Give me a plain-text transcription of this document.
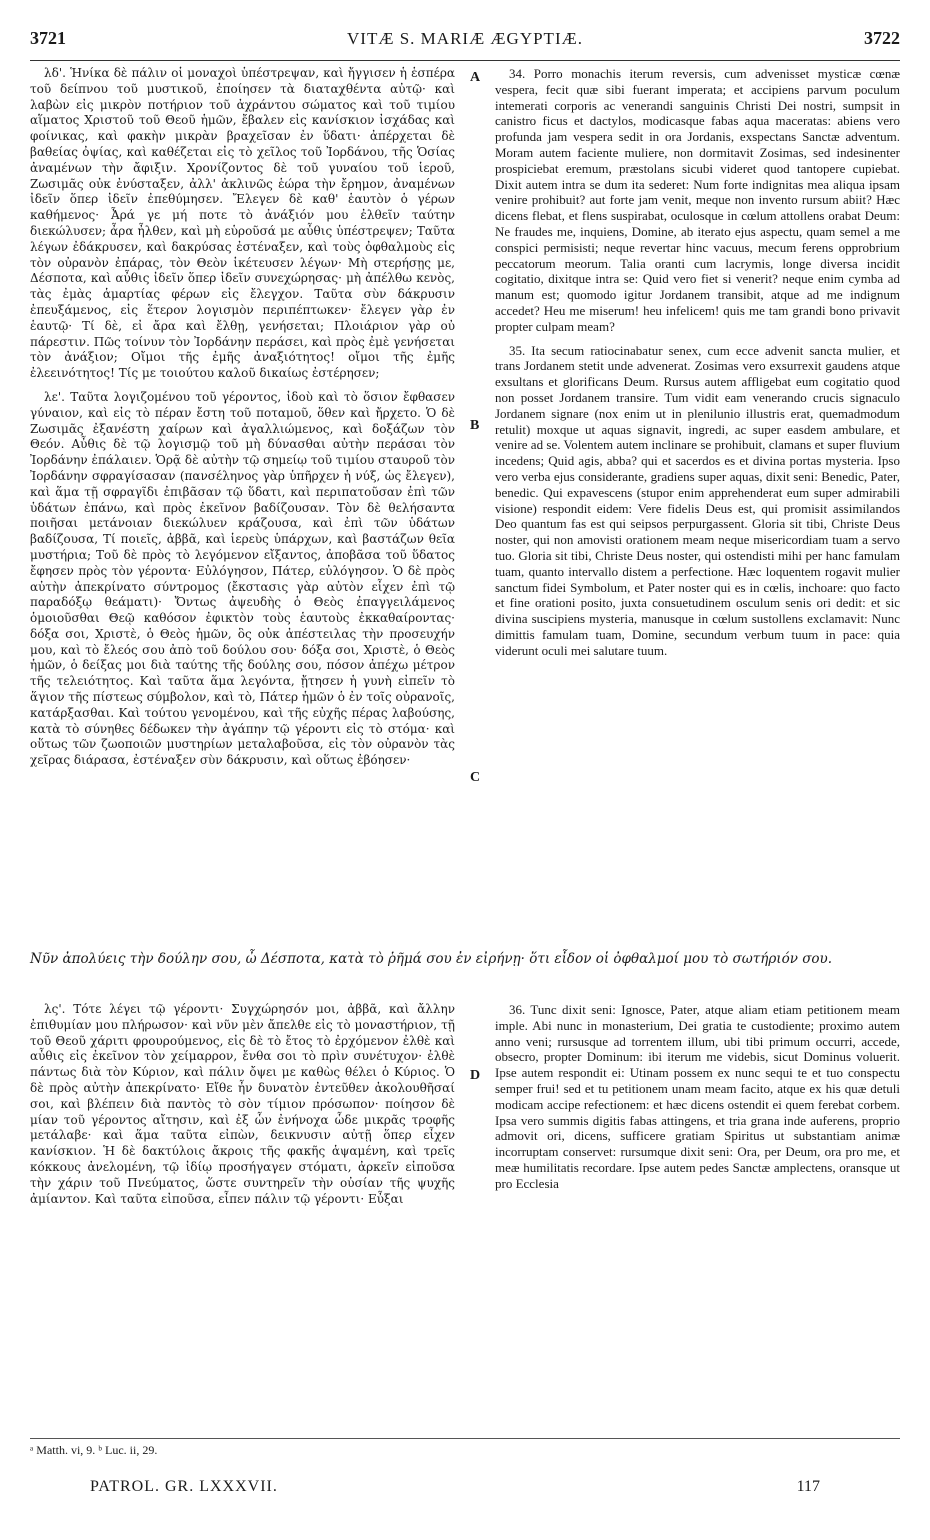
3721	VITÆ S. MARIÆ ÆGYPTIÆ.	3722

λδ'. Ἡνίκα δὲ πάλιν οἱ μοναχοὶ ὑπέστρεψαν, καὶ ἤγγισεν ἡ ἑσπέρα τοῦ δείπνου τοῦ μυστικοῦ, ἐποίησεν τὰ διαταχθέντα αὐτῷ· καὶ λαβὼν εἰς μικρὸν ποτήριον τοῦ ἀχράντου σώματος καὶ τοῦ τιμίου αἵματος Χριστοῦ τοῦ Θεοῦ ἡμῶν, ἔβαλεν εἰς κανίσκιον ἰσχάδας καὶ φοίνικας, καὶ φακὴν μικρὰν βραχεῖσαν ἐν ὕδατι· ἀπέρχεται δὲ βαθείας ὀψίας, καὶ καθέζεται εἰς τὸ χεῖλος τοῦ Ἰορδάνου, τῆς Ὁσίας ἀναμένων τὴν ἄφιξιν. Χρονίζοντος δὲ τοῦ γυναίου τοῦ ἱεροῦ, Ζωσιμᾶς οὐκ ἐνύσταξεν, ἀλλ' ἀκλινῶς ἑώρα τὴν ἔρημον, ἀναμένων ἰδεῖν ὅπερ ἰδεῖν ἐπεθύμησεν. Ἔλεγεν δὲ καθ' ἑαυτὸν ὁ γέρων καθήμενος· Ἆρά γε μή ποτε τὸ ἀνάξιόν μου ἐλθεῖν ταύτην διεκώλυσεν; ἆρα ἦλθεν, καὶ μὴ εὑροῦσά με αὖθις ὑπέστρεψεν; Ταῦτα λέγων ἐδάκρυσεν, καὶ δακρύσας ἐστέναξεν, καὶ τοὺς ὀφθαλμοὺς εἰς τὸν οὐρανὸν ἐπάρας, τὸν Θεὸν ἱκέτευσεν λέγων· Μὴ στερήσῃς με, Δέσποτα, καὶ αὖθις ἰδεῖν ὅπερ ἰδεῖν συνεχώρησας· μὴ ἀπέλθω κενὸς, τὰς ἐμὰς ἁμαρτίας φέρων εἰς ἔλεγχον. Ταῦτα σὺν δάκρυσιν ἐπευξάμενος, εἰς ἕτερον λογισμὸν περιπέπτωκεν· ἔλεγεν γὰρ ἐν ἑαυτῷ· Τί δὲ, εἰ ἄρα καὶ ἔλθῃ, γενήσεται; Πλοιάριον γὰρ οὐ πάρεστιν. Πῶς τοίνυν τὸν Ἰορδάνην περάσει, καὶ πρὸς ἐμὲ γενήσεται τὸν ἀνάξιον; Οἴμοι τῆς ἐμῆς ἀναξιότητος! οἴμοι τῆς ἐμῆς ἐλεεινότητος! Τίς με τοιούτου καλοῦ δικαίως ἐστέρησεν;

λε'. Ταῦτα λογιζομένου τοῦ γέροντος, ἰδοὺ καὶ τὸ ὅσιον ἔφθασεν γύναιον, καὶ εἰς τὸ πέραν ἔστη τοῦ ποταμοῦ, ὅθεν καὶ ἤρχετο. Ὁ δὲ Ζωσιμᾶς ἐξανέστη χαίρων καὶ ἀγαλλιώμενος, καὶ δοξάζων τὸν Θεόν. Αὖθις δὲ τῷ λογισμῷ τοῦ μὴ δύνασθαι αὐτὴν περάσαι τὸν Ἰορδάνην ἐπάλαιεν. Ὁρᾷ δὲ αὐτὴν τῷ σημείῳ τοῦ τιμίου σταυροῦ τὸν Ἰορδάνην σφραγίσασαν (πανσέληνος γὰρ ὑπῆρχεν ἡ νύξ, ὡς ἔλεγεν), καὶ ἅμα τῇ σφραγῖδι ἐπιβᾶσαν τῷ ὕδατι, καὶ περιπατοῦσαν ἐπὶ τῶν ὑδάτων ἐπάνω, καὶ πρὸς ἐκεῖνον βαδίζουσαν. Τὸν δὲ θελήσαντα ποιῆσαι μετάνοιαν διεκώλυεν κράζουσα, καὶ ἐπὶ τῶν ὑδάτων βαδίζουσα, Τί ποιεῖς, ἀββᾶ, καὶ ἱερεὺς ὑπάρχων, καὶ βαστάζων θεῖα μυστήρια; Τοῦ δὲ πρὸς τὸ λεγόμενον εἴξαντος, ἀποβᾶσα τοῦ ὕδατος ἔφησεν πρὸς τὸν γέροντα· Εὐλόγησον, Πάτερ, εὐλόγησον. Ὁ δὲ πρὸς αὐτὴν ἀπεκρίνατο σύντρομος (ἔκστασις γὰρ αὐτὸν εἶχεν ἐπὶ τῷ παραδόξῳ θεάματι)· Ὄντως ἀψευδὴς ὁ Θεὸς ἐπαγγειλάμενος ὁμοιοῦσθαι Θεῷ καθόσον ἐφικτὸν τοὺς ἑαυτοὺς ἐκκαθαίροντας· δόξα σοι, Χριστὲ, ὁ Θεὸς ἡμῶν, ὃς οὐκ ἀπέστειλας τὴν προσευχήν μου, καὶ τὸ ἔλεός σου ἀπὸ τοῦ δούλου σου· δόξα σοι, Χριστὲ, ὁ Θεὸς ἡμῶν, ὁ δείξας μοι διὰ ταύτης τῆς δούλης σου, πόσον ἀπέχω μέτρον τῆς τελειότητος. Καὶ ταῦτα ἅμα λεγόντα, ᾔτησεν ἡ γυνὴ εἰπεῖν τὸ ἅγιον τῆς πίστεως σύμβολον, καὶ τὸ, Πάτερ ἡμῶν ὁ ἐν τοῖς οὐρανοῖς, κατάρξασθαι. Καὶ τούτου γενομένου, καὶ τῆς εὐχῆς πέρας λαβούσης, κατὰ τὸ σύνηθες δέδωκεν τὴν ἀγάπην τῷ γέροντι εἰς τὸ στόμα· καὶ οὕτως τῶν ζωοποιῶν μυστηρίων μεταλαβοῦσα, εἰς τὸν οὐρανὸν τὰς χεῖρας διάρασα, ἐστέναξεν σὺν δάκρυσιν, καὶ οὕτως ἐβόησεν·

34. Porro monachis iterum reversis, cum advenisset mysticæ cœnæ vespera, fecit quæ sibi fuerant imperata; et accipiens parvum poculum intemerati corporis ac venerandi sanguinis Christi Dei nostri, sumpsit in canistro ficus et dactylos, modicasque fabas aqua maceratas: abiens vero profunda jam vespera sedit in ora Jordanis, exspectans Sanctæ adventum. Moram autem faciente muliere, non dormitavit Zosimas, sed indesinenter prospiciebat eremum, præstolans sicubi videret quod tantopere cupiebat. Dixit autem intra se dum ita sederet: Num forte indignitas mea aliqua ipsam venire prohibuit? aut forte jam venit, meque non invento rursum abiit? Hæc dicens flebat, et flens suspirabat, oculosque in cœlum attollens orabat Deum: Ne fraudes me, inquiens, Domine, ab iterato ejus aspectu, quam semel a me conspici permisisti; neque revertar hinc vacuus, mecum ferens opprobrium peccatorum meorum. Talia oranti cum lacrymis, longe diversa incidit cogitatio, dixitque intra se: Quid vero fiet si venerit? neque enim cymba ad manum est; quomodo igitur Jordanem transibit, atque ad me indignum accedet? Heu me miserum! heu infelicem! quis me tam grandi bono privavit propter culpam meam?

35. Ita secum ratiocinabatur senex, cum ecce advenit sancta mulier, et trans Jordanem stetit unde advenerat. Zosimas vero exsurrexit gaudens atque exsultans et glorificans Deum. Rursus autem affligebat eum cogitatio quod non posset Jordanem transire. Tum vidit eam venerando crucis signaculo Jordanem signare (nox enim ut in plenilunio illustris erat, quemadmodum retulit) moxque ut aquas signavit, ingredi, ac super easdem ambulare, et venire ad se. Volentem autem inclinare se prohibuit, clamans et super fluvium incedens; Quid agis, abba? qui et sacerdos es et divina portas mysteria. Ipso vero verba ejus considerante, gradiens super aquas, dixit seni: Benedic, Pater, benedic. Qui expavescens (stupor enim apprehenderat eum super admirabili visione) respondit eidem: Vere fidelis Deus est, qui promisit assimilandos Deo quantum fas est qui seipsos perpurgassent. Gloria sit tibi, Christe Deus noster, qui non amovisti orationem meam neque misericordiam tuam a servo tuo. Gloria sit tibi, Christe Deus noster, qui ostendisti mihi per hanc famulam tuam, quanto intervallo distem a perfectione. Hæc loquentem rogavit mulier sanctum fidei Symbolum, et Pater noster qui es in cœlis, inchoare: quo facto et fine orationi posito, juxta consuetudinem osculum senis ori dedit: et sic divina suscipiens mysteria, manusque in cœlum sustollens exclamavit: Nunc dimittis famulam tuam, Domine, secundum verbum tuum in pace: quia viderunt oculi mei salutare tuum.

A
B
C
D
Νῦν ἀπολύεις τὴν δούλην σου, ὦ Δέσποτα, κατὰ τὸ ῥῆμά σου ἐν εἰρήνῃ· ὅτι εἶδον οἱ ὀφθαλμοί μου τὸ σωτήριόν σου.

λς'. Τότε λέγει τῷ γέροντι· Συγχώρησόν μοι, ἀββᾶ, καὶ ἄλλην ἐπιθυμίαν μου πλήρωσον· καὶ νῦν μὲν ἄπελθε εἰς τὸ μοναστήριον, τῇ τοῦ Θεοῦ χάριτι φρουρούμενος, εἰς δὲ τὸ ἔτος τὸ ἐρχόμενον ἐλθὲ καὶ αὖθις εἰς ἐκεῖνον τὸν χείμαρρον, ἔνθα σοι τὸ πρὶν συνέτυχον· ἐλθὲ πάντως διὰ τὸν Κύριον, καὶ πάλιν ὄψει με καθὼς θέλει ὁ Κύριος. Ὁ δὲ πρὸς αὐτὴν ἀπεκρίνατο· Εἴθε ἦν δυνατὸν ἐντεῦθεν ἀκολουθῆσαί σοι, καὶ βλέπειν διὰ παντὸς τὸ σὸν τίμιον πρόσωπον· ποίησον δὲ μίαν τοῦ γέροντος αἴτησιν, καὶ ἐξ ὧν ἐνήνοχα ὧδε μικρᾶς τροφῆς μετάλαβε· καὶ ἅμα ταῦτα εἰπὼν, δεικνυσιν αὐτῇ ὅπερ εἶχεν κανίσκιον. Ἡ δὲ δακτύλοις ἄκροις τῆς φακῆς ἁψαμένη, καὶ τρεῖς κόκκους ἀνελομένη, τῷ ἰδίῳ προσήγαγεν στόματι, ἀρκεῖν εἰποῦσα τὴν χάριν τοῦ Πνεύματος, ὥστε συντηρεῖν τὴν οὐσίαν τῆς ψυχῆς ἀμίαντον. Καὶ ταῦτα εἰποῦσα, εἶπεν πάλιν τῷ γέροντι· Εὖξαι

36. Tunc dixit seni: Ignosce, Pater, atque aliam etiam petitionem meam imple. Abi nunc in monasterium, Dei gratia te custodiente; proximo autem anno veni; rursusque ad torrentem illum, ubi tibi primum occurri, accede, obsecro, propter Dominum: ibi iterum me videbis, sicut Dominus voluerit. Ipse autem respondit ei: Utinam possem ex nunc sequi te et tuo conspectu semper frui! sed et tu petitionem unam meam facito, atque ex his quæ detuli modicam accipe refectionem: et hæc dicens ostendit ei quem ferebat corbem. Ipsa vero summis digitis fabas attingens, et tria grana inde auferens, proprio admovit ori, dicens, sufficere gratiam Spiritus ut substantiam animæ incorruptam conservet: rursumque dixit seni: Ora, per Deum, ora pro me, et meæ humilitatis recordare. Ipse autem pedes Sanctæ amplectens, oransque ut pro Ecclesia

ᵃ Matth. vi, 9. ᵇ Luc. ii, 29.
PATROL. GR. LXXXVII.	117
